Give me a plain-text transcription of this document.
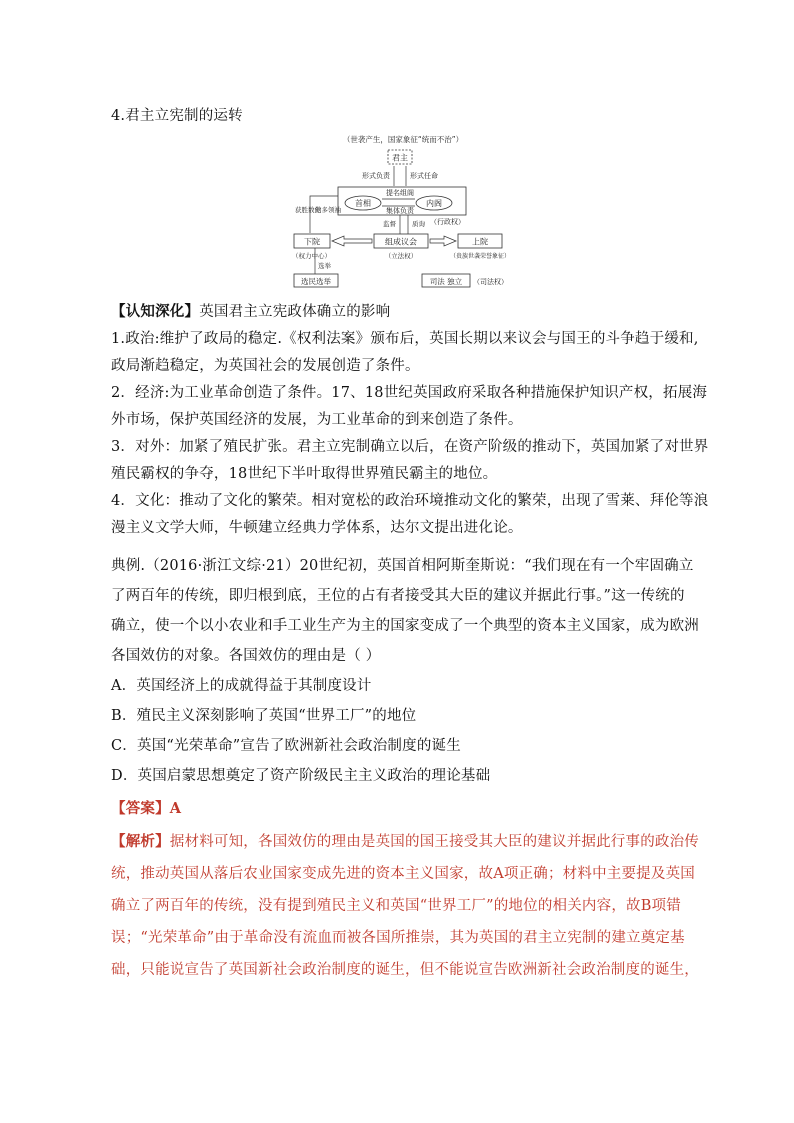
4.君主立宪制的运转
（世袭产生，国家象征“统而不治”）
君主
形式负责	形式任命
首相	内阁
提名组阁
集体负责
（行政权）
获胜数党
的多领袖
监督 质询
下院	组成议会	上院
（权力中心）
选举
（立法权）	（贵族世袭荣誉象征）
选民选举	司法 独立 （司法权）
【认知深化】英国君主立宪政体确立的影响
1.政治:维护了政局的稳定.《权利法案》颁布后，英国长期以来议会与国王的斗争趋于缓和,
政局渐趋稳定，为英国社会的发展创造了条件。
2．经济:为工业革命创造了条件。17、18世纪英国政府采取各种措施保护知识产权，拓展海
外市场，保护英国经济的发展，为工业革命的到来创造了条件。
3．对外：加紧了殖民扩张。君主立宪制确立以后，在资产阶级的推动下，英国加紧了对世界
殖民霸权的争夺，18世纪下半叶取得世界殖民霸主的地位。
4．文化：推动了文化的繁荣。相对宽松的政治环境推动文化的繁荣，出现了雪莱、拜伦等浪
漫主义文学大师，牛顿建立经典力学体系，达尔文提出进化论。
典例.（2016·浙江文综·21）20世纪初，英国首相阿斯奎斯说：“我们现在有一个牢固确立
了两百年的传统，即归根到底，王位的占有者接受其大臣的建议并据此行事。”这一传统的
确立，使一个以小农业和手工业生产为主的国家变成了一个典型的资本主义国家，成为欧洲
各国效仿的对象。各国效仿的理由是（ ）
A．英国经济上的成就得益于其制度设计
B．殖民主义深刻影响了英国“世界工厂”的地位
C．英国“光荣革命”宣告了欧洲新社会政治制度的诞生
D．英国启蒙思想奠定了资产阶级民主主义政治的理论基础
【答案】A
【解析】据材料可知，各国效仿的理由是英国的国王接受其大臣的建议并据此行事的政治传
统，推动英国从落后农业国家变成先进的资本主义国家，故A项正确；材料中主要提及英国
确立了两百年的传统，没有提到殖民主义和英国“世界工厂”的地位的相关内容，故B项错
误；“光荣革命”由于革命没有流血而被各国所推崇，其为英国的君主立宪制的建立奠定基
础，只能说宣告了英国新社会政治制度的诞生，但不能说宣告欧洲新社会政治制度的诞生，
